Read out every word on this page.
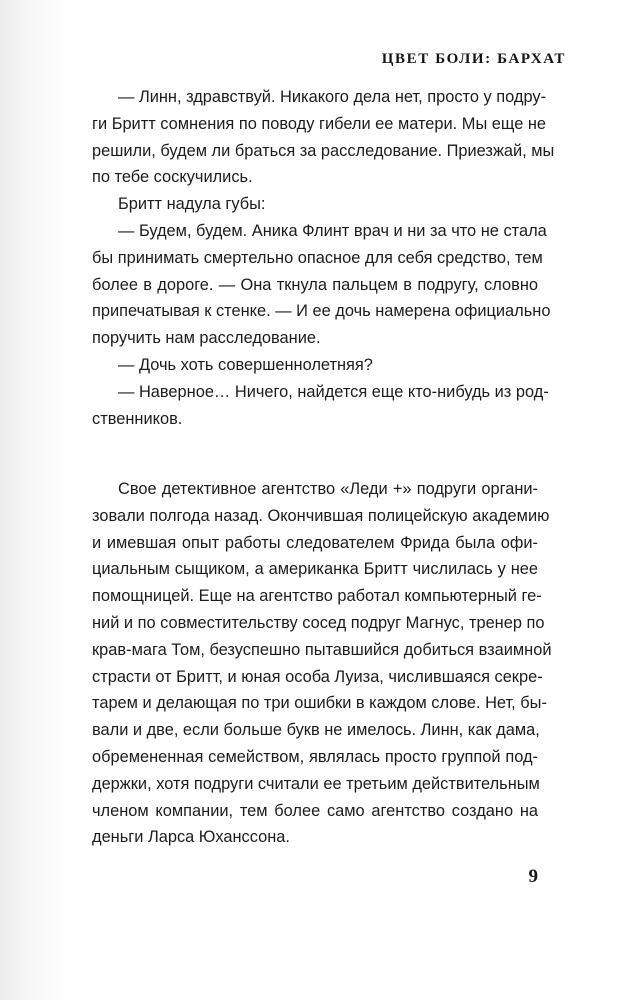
ЦВЕТ БОЛИ: БАРХАТ
— Линн, здравствуй. Никакого дела нет, просто у подру-
ги Бритт сомнения по поводу гибели ее матери. Мы еще не
решили, будем ли браться за расследование. Приезжай, мы
по тебе соскучились.
Бритт надула губы:
— Будем, будем. Аника Флинт врач и ни за что не стала
бы принимать смертельно опасное для себя средство, тем
более в дороге. — Она ткнула пальцем в подругу, словно
припечатывая к стенке. — И ее дочь намерена официально
поручить нам расследование.
— Дочь хоть совершеннолетняя?
— Наверное… Ничего, найдется еще кто-нибудь из род-
ственников.
Свое детективное агентство «Леди +» подруги органи-
зовали полгода назад. Окончившая полицейскую академию
и имевшая опыт работы следователем Фрида была офи-
циальным сыщиком, а американка Бритт числилась у нее
помощницей. Еще на агентство работал компьютерный ге-
ний и по совместительству сосед подруг Магнус, тренер по
крав-мага Том, безуспешно пытавшийся добиться взаимной
страсти от Бритт, и юная особа Луиза, числившаяся секре-
тарем и делающая по три ошибки в каждом слове. Нет, бы-
вали и две, если больше букв не имелось. Линн, как дама,
обремененная семейством, являлась просто группой под-
держки, хотя подруги считали ее третьим действительным
членом компании, тем более само агентство создано на
деньги Ларса Юханссона.
9
